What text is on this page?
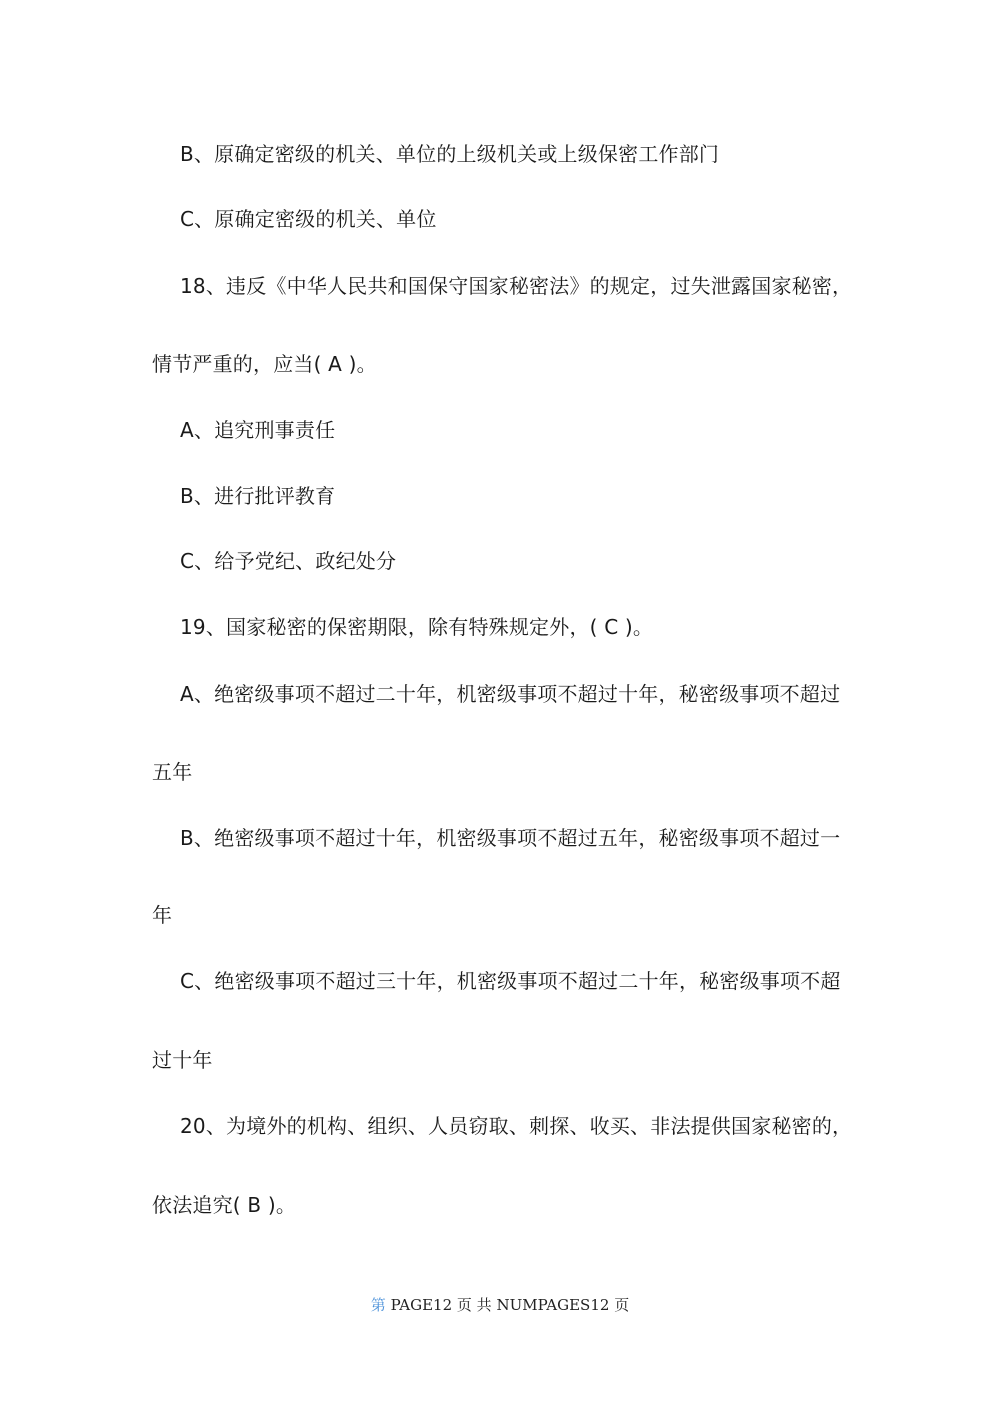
B、原确定密级的机关、单位的上级机关或上级保密工作部门
C、原确定密级的机关、单位
18、违反《中华人民共和国保守国家秘密法》的规定，过失泄露国家秘密，
情节严重的，应当( A )。
A、追究刑事责任
B、进行批评教育
C、给予党纪、政纪处分
19、国家秘密的保密期限，除有特殊规定外，( C )。
A、绝密级事项不超过二十年，机密级事项不超过十年，秘密级事项不超过
五年
B、绝密级事项不超过十年，机密级事项不超过五年，秘密级事项不超过一
年
C、绝密级事项不超过三十年，机密级事项不超过二十年，秘密级事项不超
过十年
20、为境外的机构、组织、人员窃取、刺探、收买、非法提供国家秘密的，
依法追究( B )。
第 PAGE12 页 共 NUMPAGES12 页
